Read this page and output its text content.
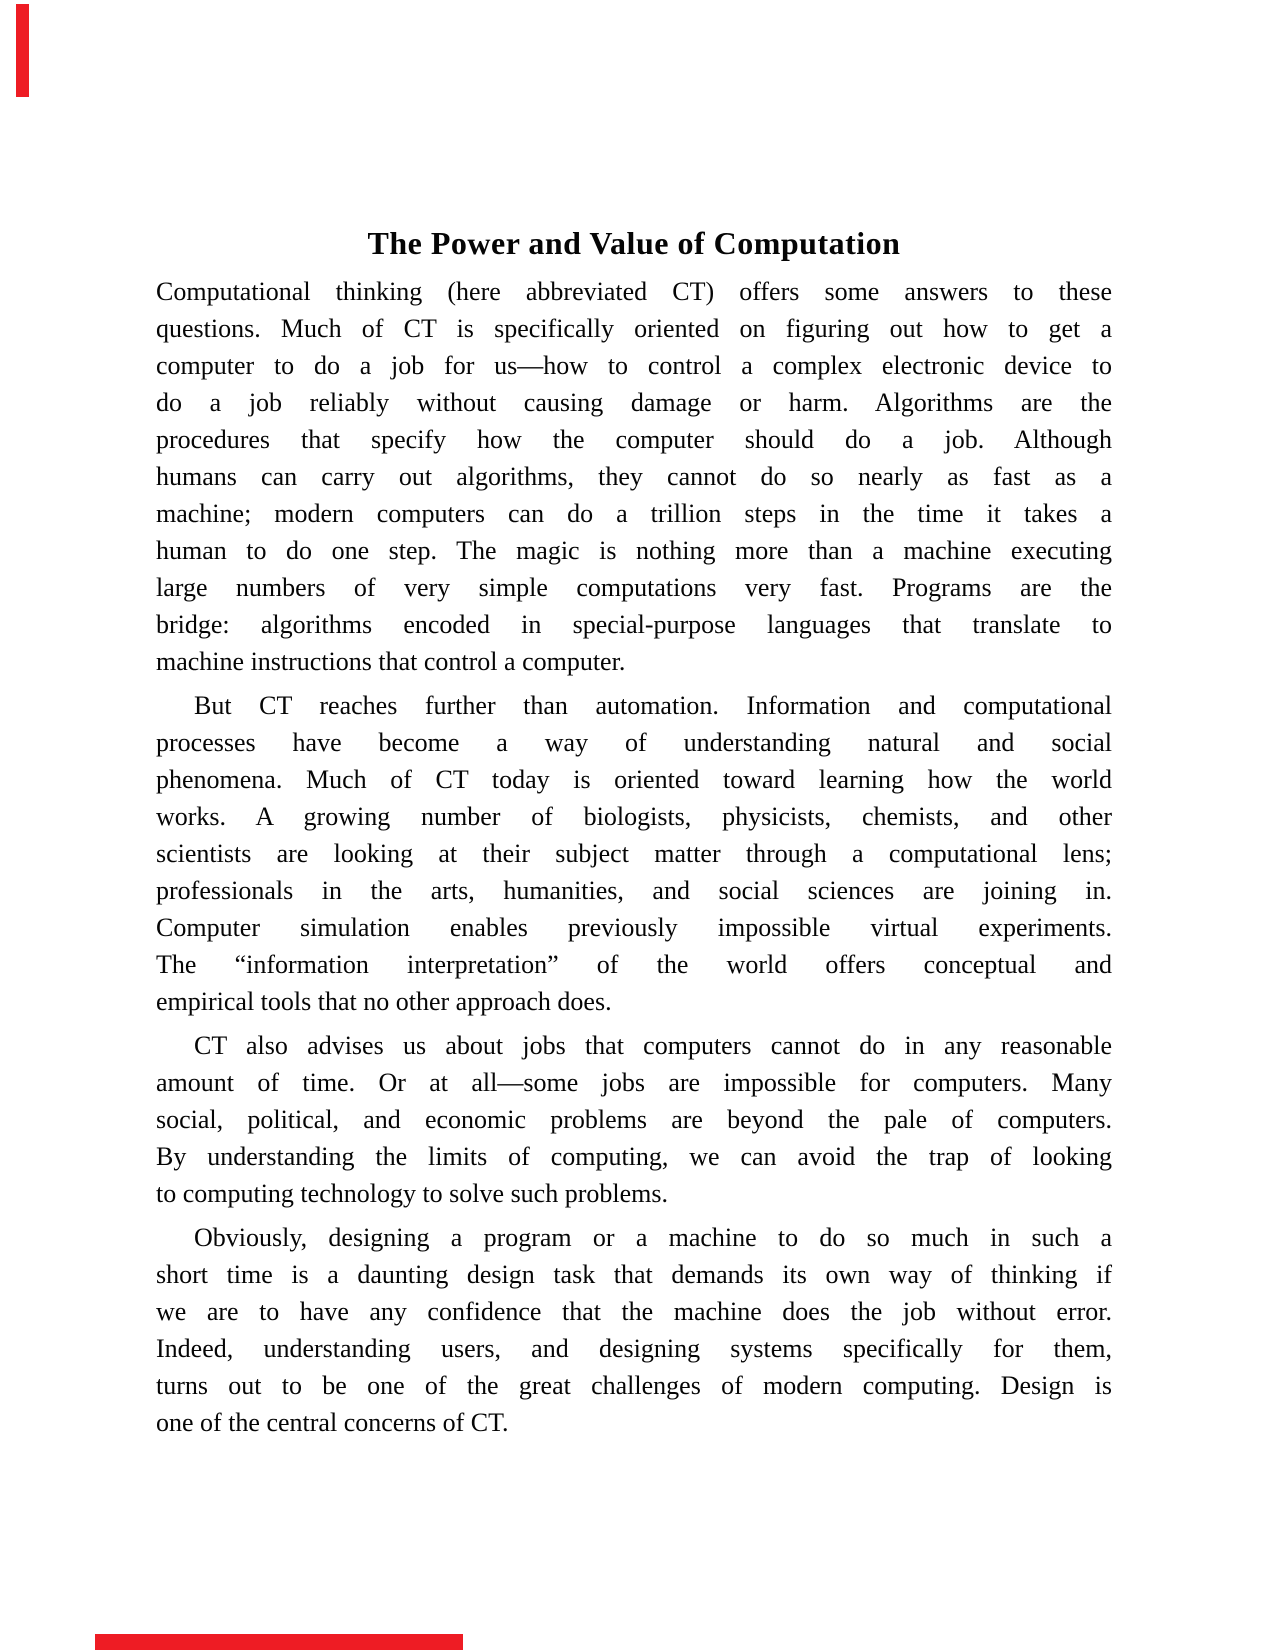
The Power and Value of Computation
Computational thinking (here abbreviated CT) offers some answers to these
questions. Much of CT is specifically oriented on figuring out how to get a
computer to do a job for us—how to control a complex electronic device to
do a job reliably without causing damage or harm. Algorithms are the
procedures that specify how the computer should do a job. Although
humans can carry out algorithms, they cannot do so nearly as fast as a
machine; modern computers can do a trillion steps in the time it takes a
human to do one step. The magic is nothing more than a machine executing
large numbers of very simple computations very fast. Programs are the
bridge: algorithms encoded in special-purpose languages that translate to
machine instructions that control a computer.
But CT reaches further than automation. Information and computational
processes have become a way of understanding natural and social
phenomena. Much of CT today is oriented toward learning how the world
works. A growing number of biologists, physicists, chemists, and other
scientists are looking at their subject matter through a computational lens;
professionals in the arts, humanities, and social sciences are joining in.
Computer simulation enables previously impossible virtual experiments.
The “information interpretation” of the world offers conceptual and
empirical tools that no other approach does.
CT also advises us about jobs that computers cannot do in any reasonable
amount of time. Or at all—some jobs are impossible for computers. Many
social, political, and economic problems are beyond the pale of computers.
By understanding the limits of computing, we can avoid the trap of looking
to computing technology to solve such problems.
Obviously, designing a program or a machine to do so much in such a
short time is a daunting design task that demands its own way of thinking if
we are to have any confidence that the machine does the job without error.
Indeed, understanding users, and designing systems specifically for them,
turns out to be one of the great challenges of modern computing. Design is
one of the central concerns of CT.
